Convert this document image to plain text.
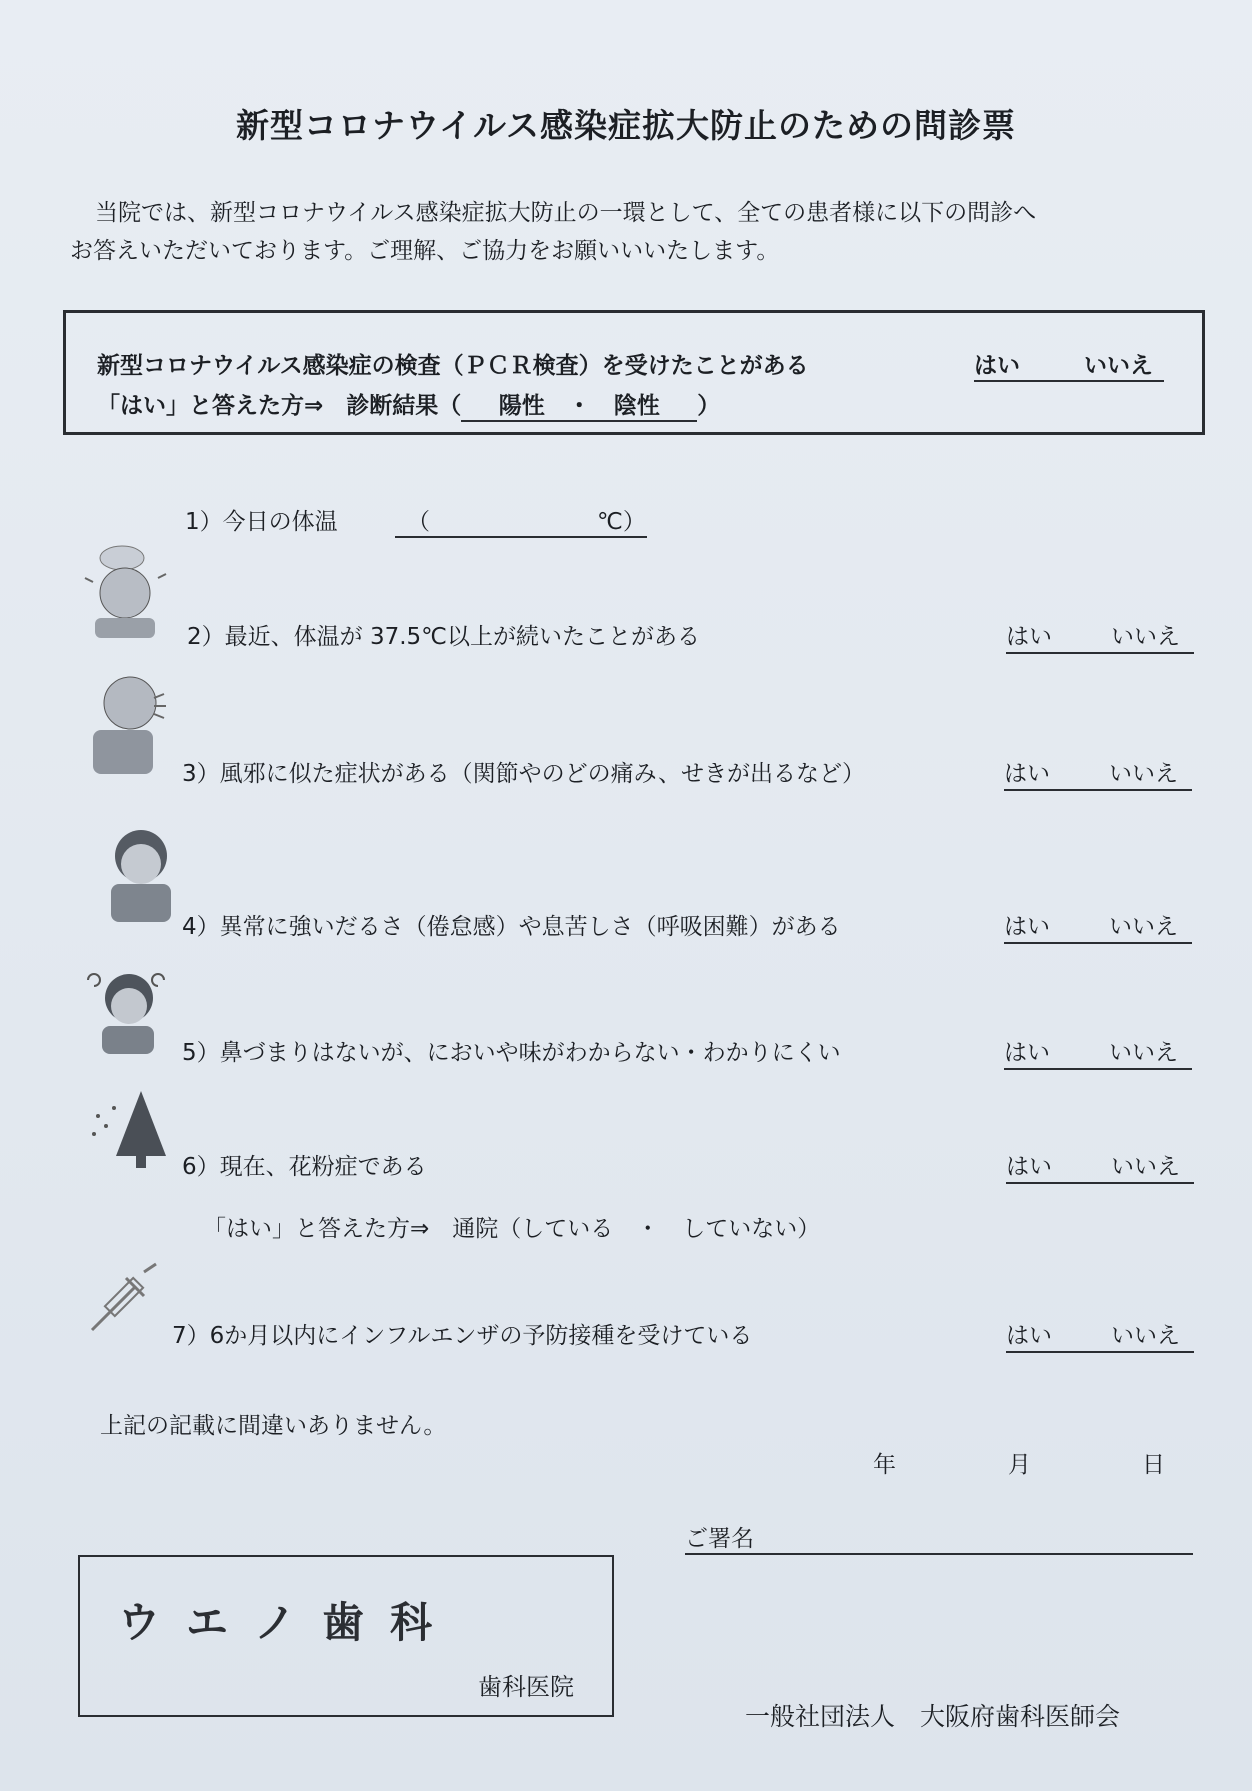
新型コロナウイルス感染症拡大防止のための問診票
当院では、新型コロナウイルス感染症拡大防止の一環として、全ての患者様に以下の問診へ
お答えいただいております。ご理解、ご協力をお願いいいたします。
新型コロナウイルス感染症の検査（ＰＣＲ検査）を受けたことがある	はい	いいえ
「はい」と答えた方⇒　診断結果（ 陽性　 ・　 陰性 ）
1）今日の体温	（	℃）
2）最近、体温が 37.5℃以上が続いたことがある	はい	いいえ
3）風邪に似た症状がある（関節やのどの痛み、せきが出るなど）	はい	いいえ
4）異常に強いだるさ（倦怠感）や息苦しさ（呼吸困難）がある	はい	いいえ
5）鼻づまりはないが、においや味がわからない・わかりにくい	はい	いいえ
6）現在、花粉症である	はい	いいえ
「はい」と答えた方⇒　通院（している　・　していない）
7）6か月以内にインフルエンザの予防接種を受けている	はい	いいえ
上記の記載に間違いありません。
年	月	日
ご署名
ウエノ歯科
歯科医院
一般社団法人　大阪府歯科医師会
